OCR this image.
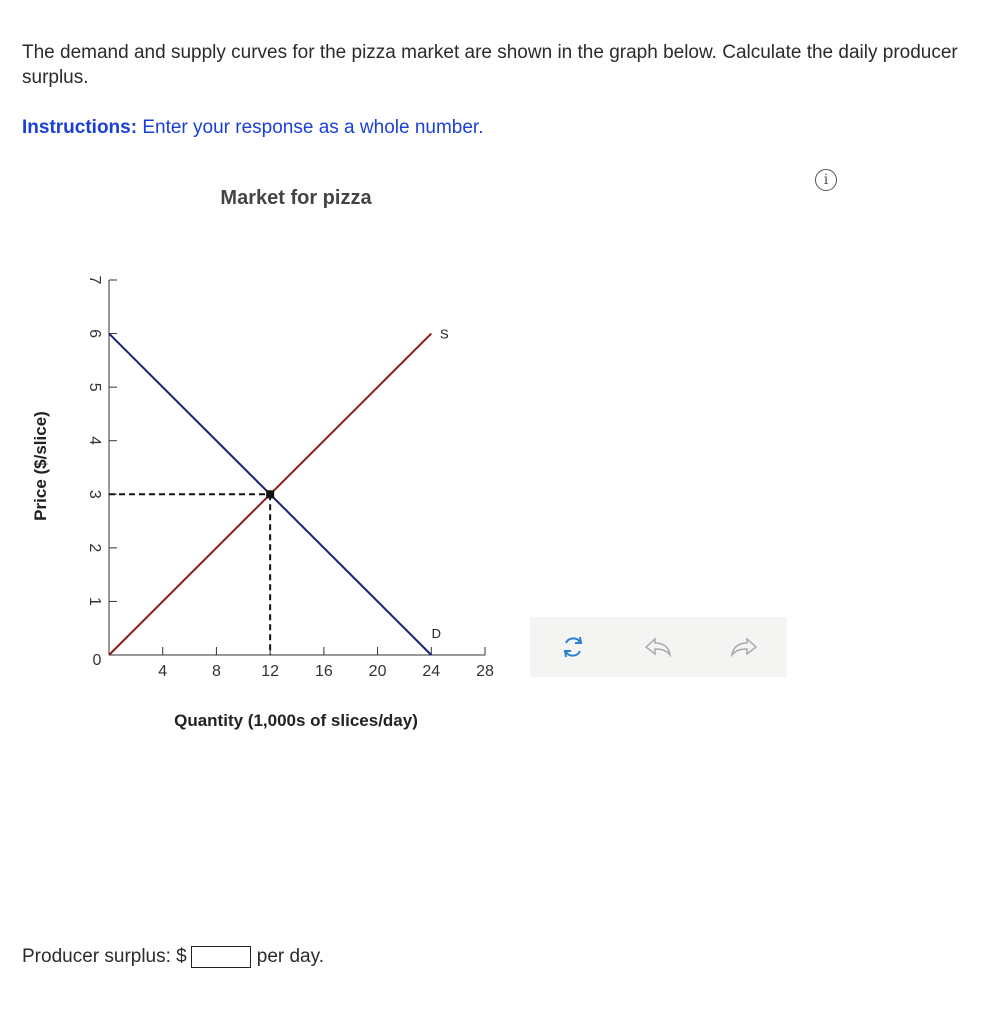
The demand and supply curves for the pizza market are shown in the graph below. Calculate the daily producer surplus.
Instructions: Enter your response as a whole number.
i
Market for pizza
0
1
2
3
4
5
6
7
4	8	12 16 20 24 28
Quantity (1,000s of slices/day)
Price ($/slice)
S
D
Producer surplus: $	per day.
